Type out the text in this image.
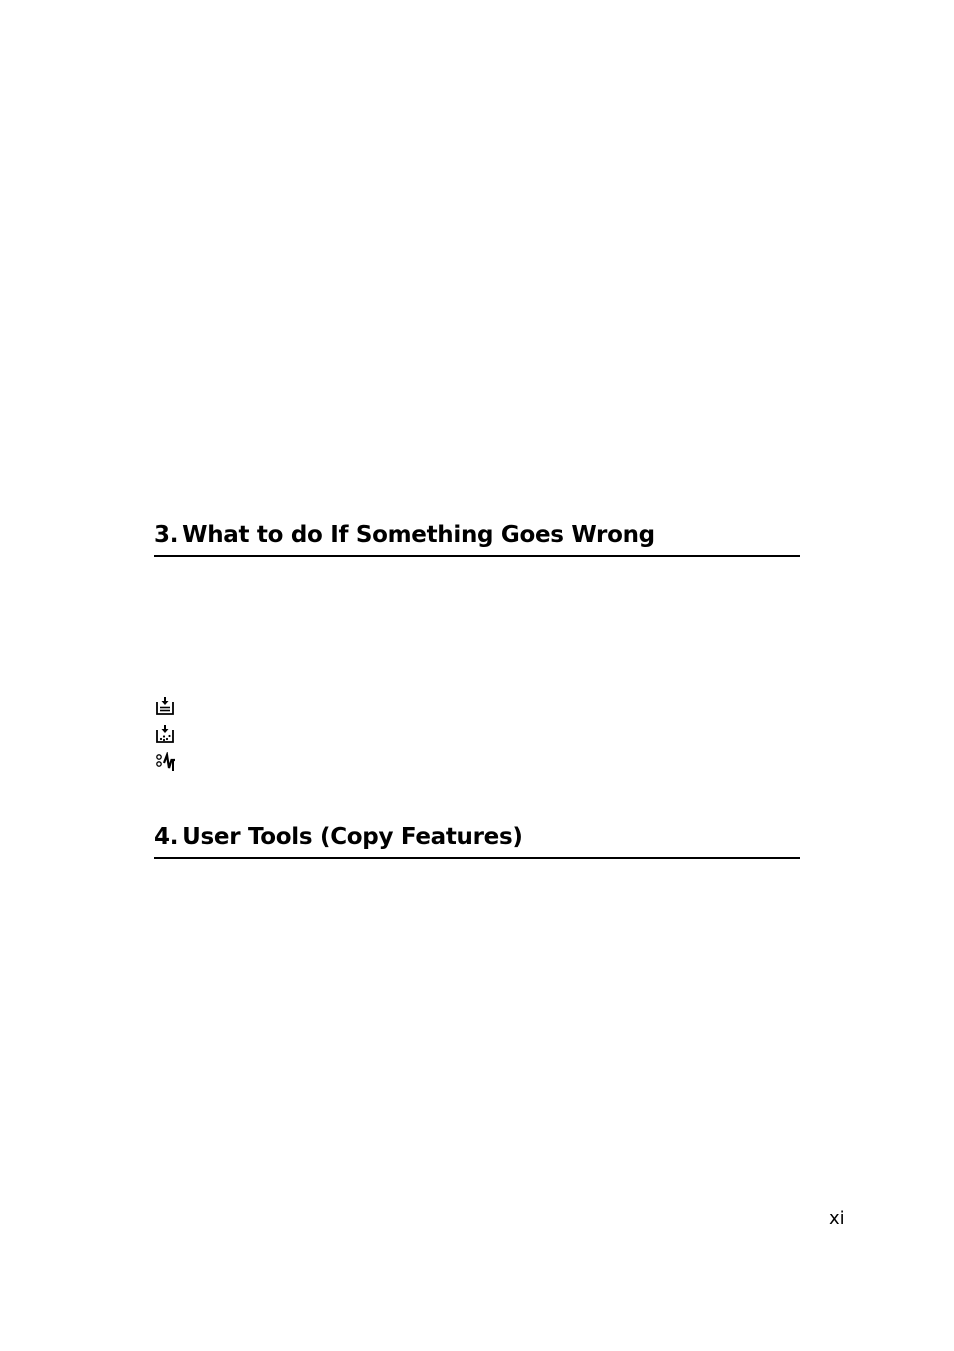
3. What to do If Something Goes Wrong
4. User Tools (Copy Features)
xi
